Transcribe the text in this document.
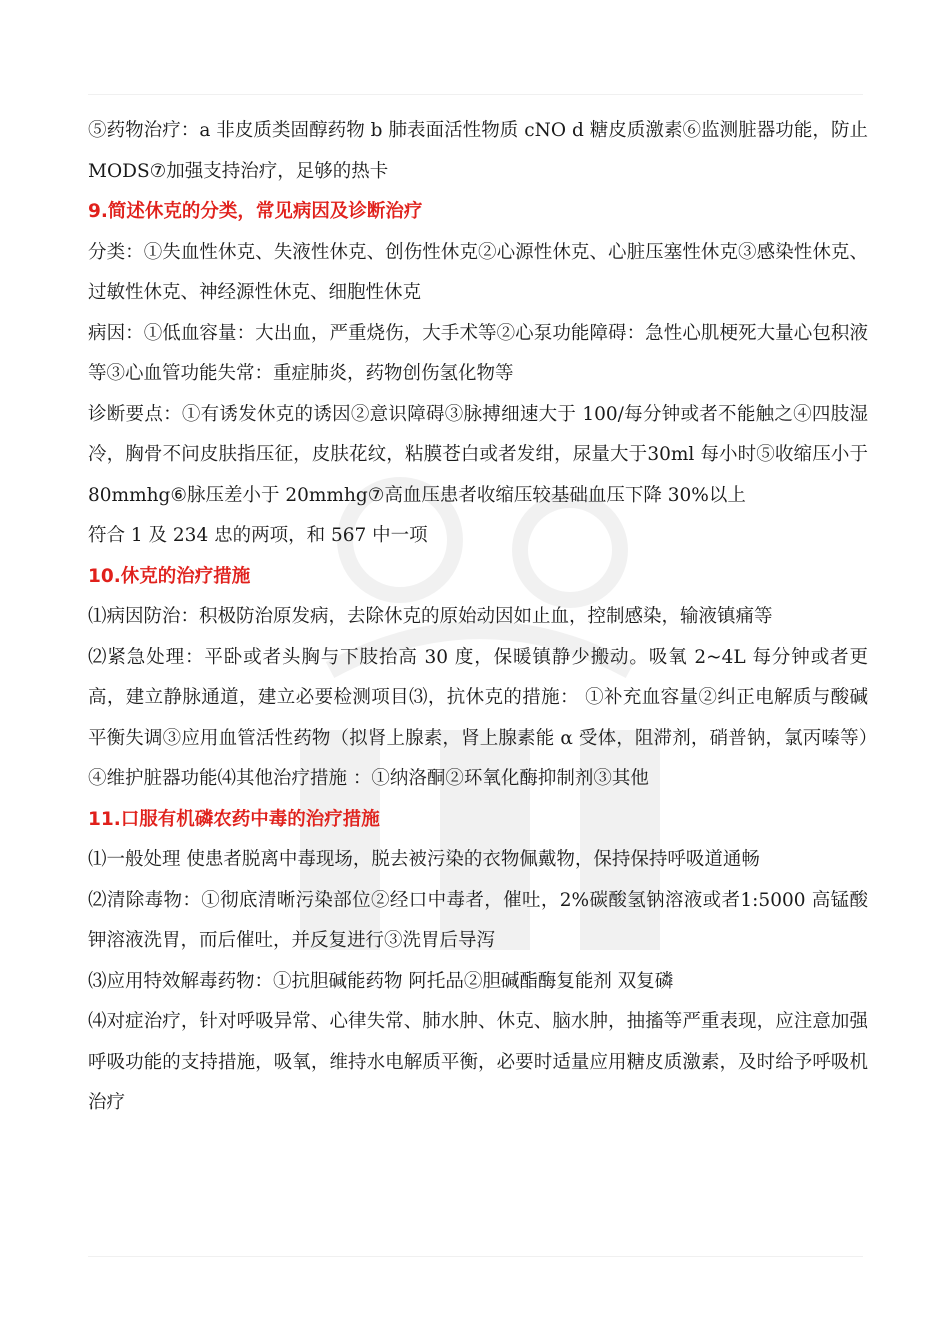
⑤药物治疗：a 非皮质类固醇药物 b 肺表面活性物质 cNO d 糖皮质激素⑥监测脏器功能，防止 MODS⑦加强支持治疗，足够的热卡

9.简述休克的分类，常见病因及诊断治疗

分类：①失血性休克、失液性休克、创伤性休克②心源性休克、心脏压塞性休克③感染性休克、过敏性休克、神经源性休克、细胞性休克

病因：①低血容量：大出血，严重烧伤，大手术等②心泵功能障碍：急性心肌梗死大量心包积液等③心血管功能失常：重症肺炎，药物创伤氢化物等

诊断要点：①有诱发休克的诱因②意识障碍③脉搏细速大于 100/每分钟或者不能触之④四肢湿冷，胸骨不问皮肤指压征，皮肤花纹，粘膜苍白或者发绀，尿量大于30ml 每小时⑤收缩压小于 80mmhg⑥脉压差小于 20mmhg⑦高血压患者收缩压较基础血压下降 30%以上

符合 1 及 234 忠的两项，和 567 中一项

10.休克的治疗措施

⑴病因防治：积极防治原发病，去除休克的原始动因如止血，控制感染，输液镇痛等

⑵紧急处理：平卧或者头胸与下肢抬高 30 度，保暖镇静少搬动。吸氧 2~4L 每分钟或者更高，建立静脉通道，建立必要检测项目⑶，抗休克的措施： ①补充血容量②纠正电解质与酸碱平衡失调③应用血管活性药物（拟肾上腺素，肾上腺素能 α 受体，阻滞剂，硝普钠，氯丙嗪等）④维护脏器功能⑷其他治疗措施 ：①纳洛酮②环氧化酶抑制剂③其他

11.口服有机磷农药中毒的治疗措施

⑴一般处理 使患者脱离中毒现场，脱去被污染的衣物佩戴物，保持保持呼吸道通畅

⑵清除毒物：①彻底清晰污染部位②经口中毒者，催吐，2%碳酸氢钠溶液或者1:5000 高锰酸钾溶液洗胃，而后催吐，并反复进行③洗胃后导泻

⑶应用特效解毒药物：①抗胆碱能药物 阿托品②胆碱酯酶复能剂 双复磷

⑷对症治疗，针对呼吸异常、心律失常、肺水肿、休克、脑水肿，抽搐等严重表现，应注意加强呼吸功能的支持措施，吸氧，维持水电解质平衡，必要时适量应用糖皮质激素，及时给予呼吸机治疗
